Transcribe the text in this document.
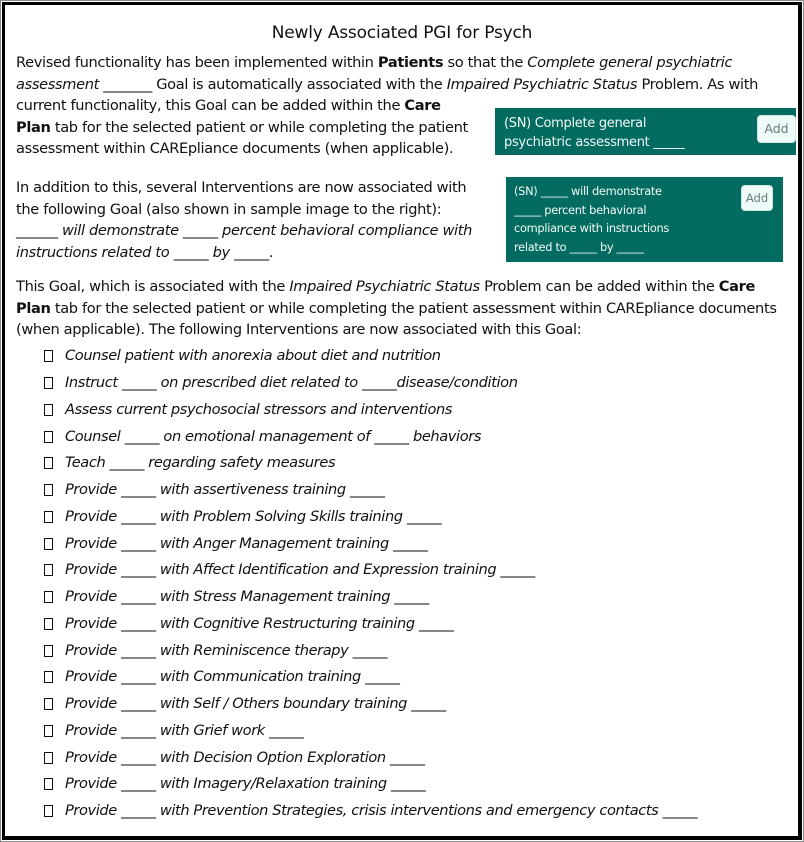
Newly Associated PGI for Psych
Revised functionality has been implemented within Patients so that the Complete general psychiatric
assessment _______ Goal is automatically associated with the Impaired Psychiatric Status Problem. As with
current functionality, this Goal can be added within the Care
Plan tab for the selected patient or while completing the patient
assessment within CAREpliance documents (when applicable).
In addition to this, several Interventions are now associated with
the following Goal (also shown in sample image to the right):
______ will demonstrate _____ percent behavioral compliance with
instructions related to _____ by _____.
(SN) Complete general
psychiatric assessment _____
Add
(SN) _____ will demonstrate
_____ percent behavioral
compliance with instructions
related to _____ by _____
Add
This Goal, which is associated with the Impaired Psychiatric Status Problem can be added within the Care
Plan tab for the selected patient or while completing the patient assessment within CAREpliance documents
(when applicable). The following Interventions are now associated with this Goal:
Counsel patient with anorexia about diet and nutrition
Instruct _____ on prescribed diet related to _____disease/condition
Assess current psychosocial stressors and interventions
Counsel _____ on emotional management of _____ behaviors
Teach _____ regarding safety measures
Provide _____ with assertiveness training _____
Provide _____ with Problem Solving Skills training _____
Provide _____ with Anger Management training _____
Provide _____ with Affect Identification and Expression training _____
Provide _____ with Stress Management training _____
Provide _____ with Cognitive Restructuring training _____
Provide _____ with Reminiscence therapy _____
Provide _____ with Communication training _____
Provide _____ with Self / Others boundary training _____
Provide _____ with Grief work _____
Provide _____ with Decision Option Exploration _____
Provide _____ with Imagery/Relaxation training _____
Provide _____ with Prevention Strategies, crisis interventions and emergency contacts _____
